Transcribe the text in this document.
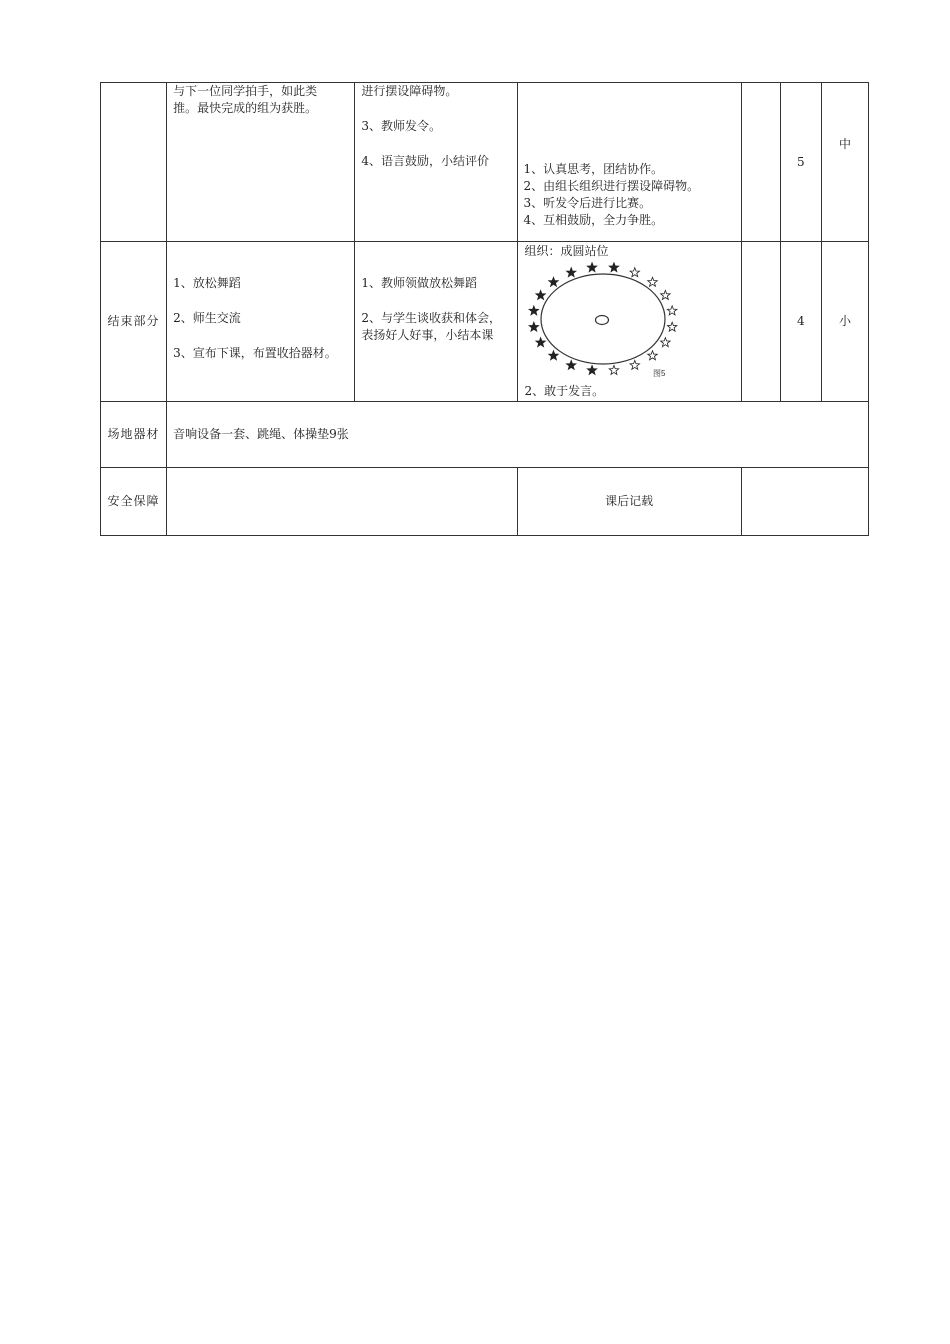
	与下一位同学拍手，如此类
推。最快完成的组为获胜。	进行摆设障碍物。
3、教师发令。
4、语言鼓励，小结评价	1、认真思考，团结协作。
2、由组长组织进行摆设障碍物。
3、听发令后进行比赛。
4、互相鼓励，全力争胜。		5	中

结束部分	1、放松舞蹈
2、师生交流
3、宣布下课，布置收拾器材。	1、教师领做放松舞蹈
2、与学生谈收获和体会，
表扬好人好事，小结本课	组织：成圆站位
图5
2、敢于发言。		4	小
场地器材	音响设备一套、跳绳、体操垫9张					

安全保障			课后记载			
